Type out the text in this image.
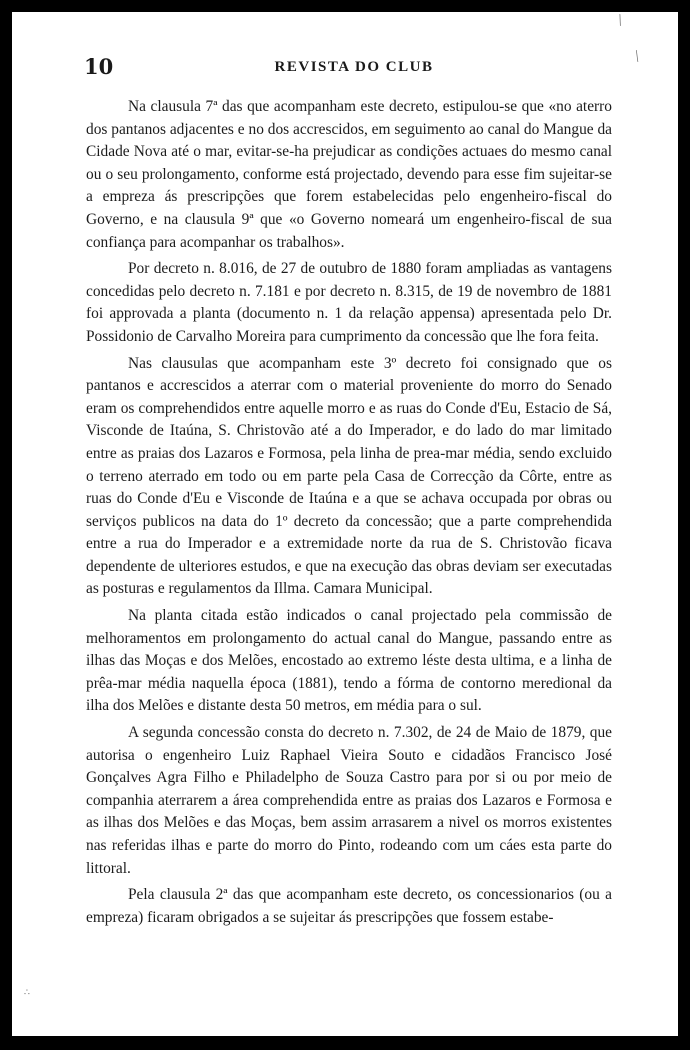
╲
╲
∴
10	REVISTA DO CLUB

Na clausula 7ª das que acompanham este decreto, estipulou-se que «no aterro dos pantanos adjacentes e no dos accrescidos, em seguimento ao canal do Mangue da Cidade Nova até o mar, evitar-se-ha prejudicar as condições actuaes do mesmo canal ou o seu prolongamento, conforme está projectado, devendo para esse fim sujeitar-se a empreza ás prescripções que forem estabelecidas pelo engenheiro-fiscal do Governo, e na clausula 9ª que «o Governo nomeará um engenheiro-fiscal de sua confiança para acompanhar os trabalhos».

Por decreto n. 8.016, de 27 de outubro de 1880 foram ampliadas as vantagens concedidas pelo decreto n. 7.181 e por decreto n. 8.315, de 19 de novembro de 1881 foi approvada a planta (documento n. 1 da relação appensa) apresentada pelo Dr. Possidonio de Carvalho Moreira para cumprimento da concessão que lhe fora feita.

Nas clausulas que acompanham este 3º decreto foi consignado que os pantanos e accrescidos a aterrar com o material proveniente do morro do Senado eram os comprehendidos entre aquelle morro e as ruas do Conde d'Eu, Estacio de Sá, Visconde de Itaúna, S. Christovão até a do Imperador, e do lado do mar limitado entre as praias dos Lazaros e Formosa, pela linha de prea-mar média, sendo excluido o terreno aterrado em todo ou em parte pela Casa de Correcção da Côrte, entre as ruas do Conde d'Eu e Visconde de Itaúna e a que se achava occupada por obras ou serviços publicos na data do 1º decreto da concessão; que a parte comprehendida entre a rua do Imperador e a extremidade norte da rua de S. Christovão ficava dependente de ulteriores estudos, e que na execução das obras deviam ser executadas as posturas e regulamentos da Illma. Camara Municipal.

Na planta citada estão indicados o canal projectado pela commissão de melhoramentos em prolongamento do actual canal do Mangue, passando entre as ilhas das Moças e dos Melões, encostado ao extremo léste desta ultima, e a linha de prêa-mar média naquella época (1881), tendo a fórma de contorno meredional da ilha dos Melões e distante desta 50 metros, em média para o sul.

A segunda concessão consta do decreto n. 7.302, de 24 de Maio de 1879, que autorisa o engenheiro Luiz Raphael Vieira Souto e cidadãos Francisco José Gonçalves Agra Filho e Philadelpho de Souza Castro para por si ou por meio de companhia aterrarem a área comprehendida entre as praias dos Lazaros e Formosa e as ilhas dos Melões e das Moças, bem assim arrasarem a nivel os morros existentes nas referidas ilhas e parte do morro do Pinto, rodeando com um cáes esta parte do littoral.

Pela clausula 2ª das que acompanham este decreto, os concessionarios (ou a empreza) ficaram obrigados a se sujeitar ás prescripções que fossem estabe-
